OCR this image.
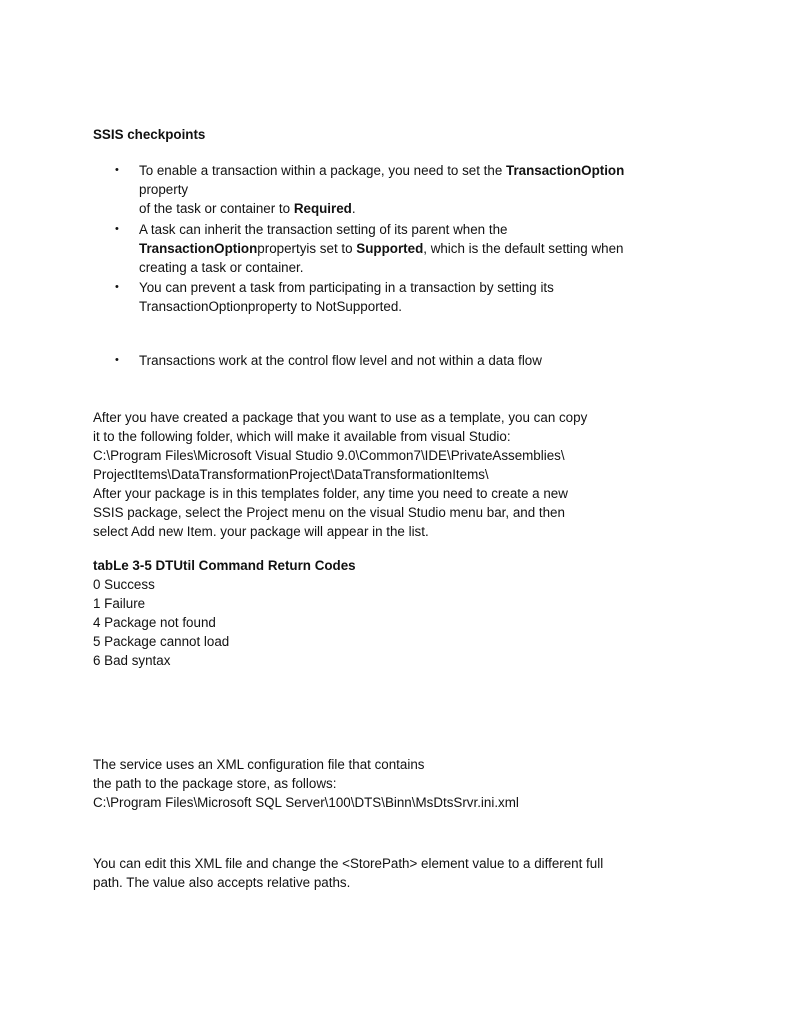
SSIS checkpoints

• To enable a transaction within a package, you need to set the TransactionOption
property
of the task or container to Required.
• A task can inherit the transaction setting of its parent when the
TransactionOptionpropertyis set to Supported, which is the default setting when
creating a task or container.
• You can prevent a task from participating in a transaction by setting its
TransactionOptionproperty to NotSupported.
• Transactions work at the control flow level and not within a data flow
After you have created a package that you want to use as a template, you can copy
it to the following folder, which will make it available from visual Studio:
C:\Program Files\Microsoft Visual Studio 9.0\Common7\IDE\PrivateAssemblies\
ProjectItems\DataTransformationProject\DataTransformationItems\
After your package is in this templates folder, any time you need to create a new
SSIS package, select the Project menu on the visual Studio menu bar, and then
select Add new Item. your package will appear in the list.
tabLe 3-5 DTUtil Command Return Codes
0 Success
1 Failure
4 Package not found
5 Package cannot load
6 Bad syntax
The service uses an XML configuration file that contains
the path to the package store, as follows:
C:\Program Files\Microsoft SQL Server\100\DTS\Binn\MsDtsSrvr.ini.xml
You can edit this XML file and change the <StorePath> element value to a different full
path. The value also accepts relative paths.
